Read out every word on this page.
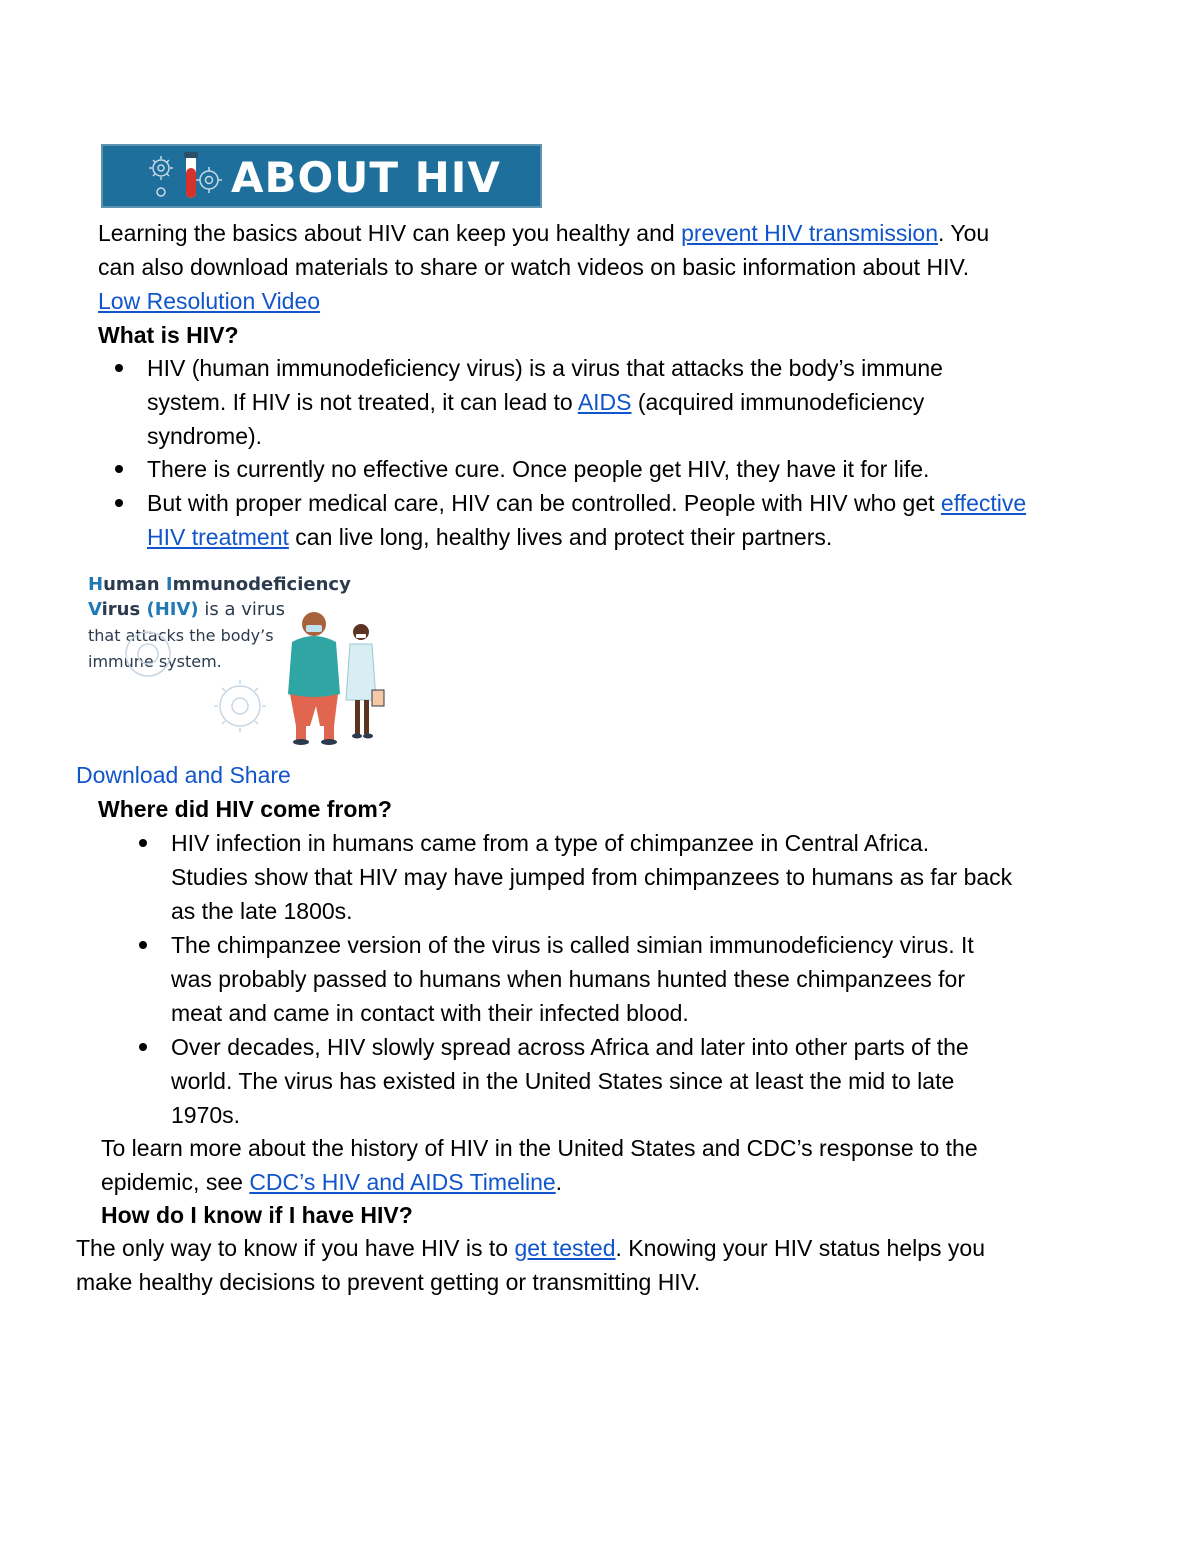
ABOUT HIV
Learning the basics about HIV can keep you healthy and prevent HIV transmission. You
can also download materials to share or watch videos on basic information about HIV.
Low Resolution Video
What is HIV?
HIV (human immunodeficiency virus) is a virus that attacks the body’s immune
system. If HIV is not treated, it can lead to AIDS (acquired immunodeficiency
syndrome).
There is currently no effective cure. Once people get HIV, they have it for life.
But with proper medical care, HIV can be controlled. People with HIV who get effective
HIV treatment can live long, healthy lives and protect their partners.
Human Immunodeficiency
Virus (HIV) is a virus
that attacks the body’s
immune system.
Download and Share
Where did HIV come from?
HIV infection in humans came from a type of chimpanzee in Central Africa.
Studies show that HIV may have jumped from chimpanzees to humans as far back
as the late 1800s.
The chimpanzee version of the virus is called simian immunodeficiency virus. It
was probably passed to humans when humans hunted these chimpanzees for
meat and came in contact with their infected blood.
Over decades, HIV slowly spread across Africa and later into other parts of the
world. The virus has existed in the United States since at least the mid to late
1970s.
To learn more about the history of HIV in the United States and CDC’s response to the
epidemic, see CDC’s HIV and AIDS Timeline.
How do I know if I have HIV?
The only way to know if you have HIV is to get tested. Knowing your HIV status helps you
make healthy decisions to prevent getting or transmitting HIV.
